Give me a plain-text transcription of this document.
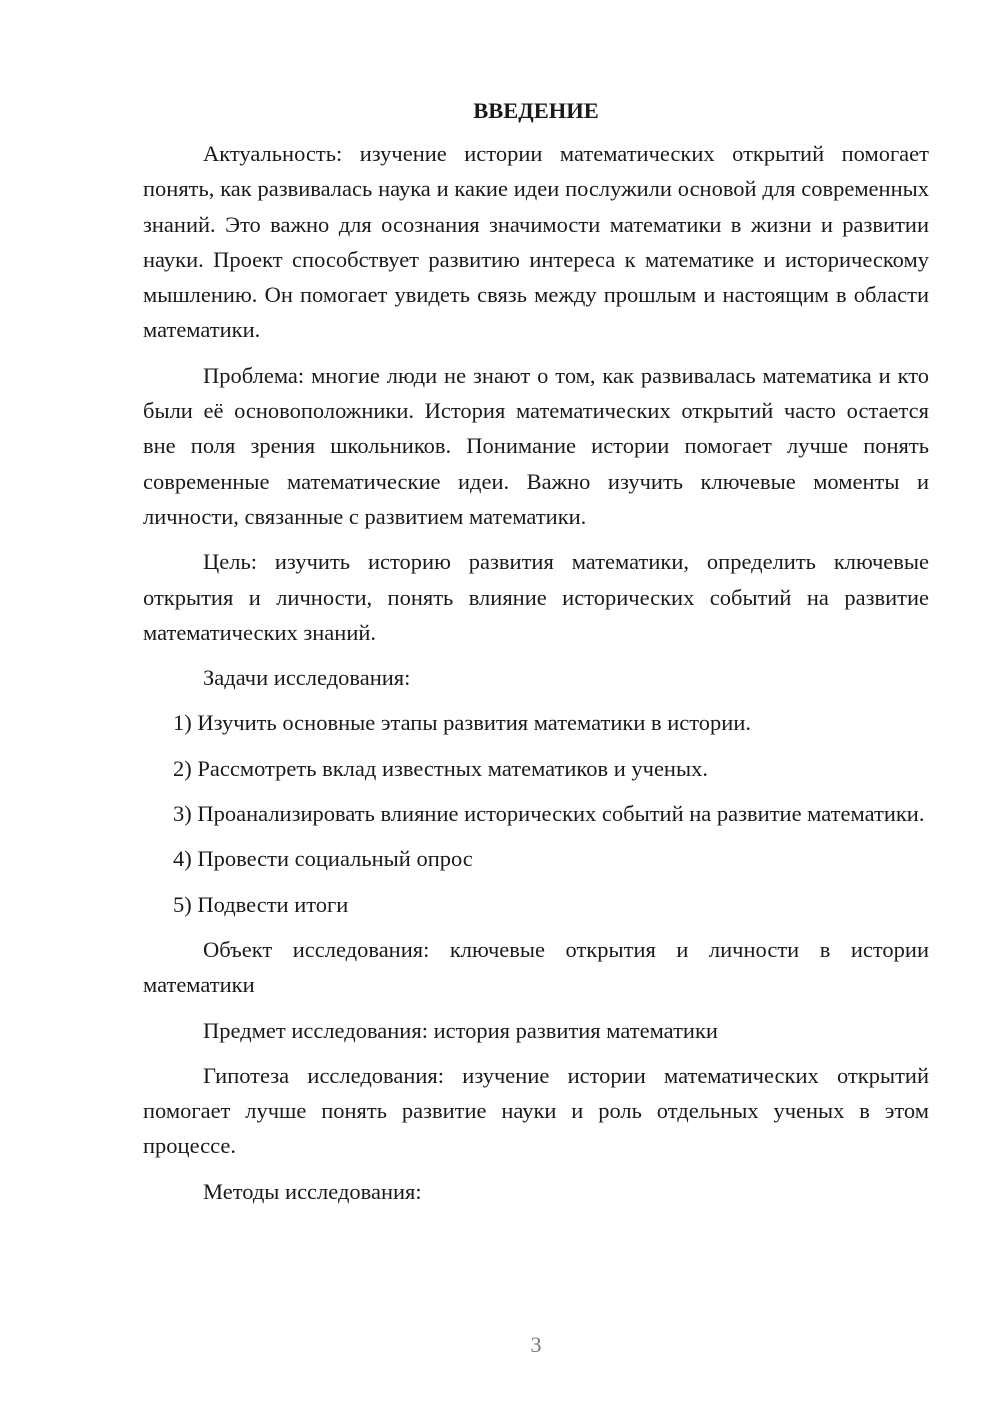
ВВЕДЕНИЕ

Актуальность: изучение истории математических открытий помогает понять, как развивалась наука и какие идеи послужили основой для современных знаний. Это важно для осознания значимости математики в жизни и развитии науки. Проект способствует развитию интереса к математике и историческому мышлению. Он помогает увидеть связь между прошлым и настоящим в области математики.

Проблема: многие люди не знают о том, как развивалась математика и кто были её основоположники. История математических открытий часто остается вне поля зрения школьников. Понимание истории помогает лучше понять современные математические идеи. Важно изучить ключевые моменты и личности, связанные с развитием математики.

Цель: изучить историю развития математики, определить ключевые открытия и личности, понять влияние исторических событий на развитие математических знаний.

Задачи исследования:

1) Изучить основные этапы развития математики в истории.

2) Рассмотреть вклад известных математиков и ученых.

3) Проанализировать влияние исторических событий на развитие математики.

4) Провести социальный опрос

5) Подвести итоги

Объект исследования: ключевые открытия и личности в истории математики

Предмет исследования: история развития математики

Гипотеза исследования: изучение истории математических открытий помогает лучше понять развитие науки и роль отдельных ученых в этом процессе.

Методы исследования:

3
